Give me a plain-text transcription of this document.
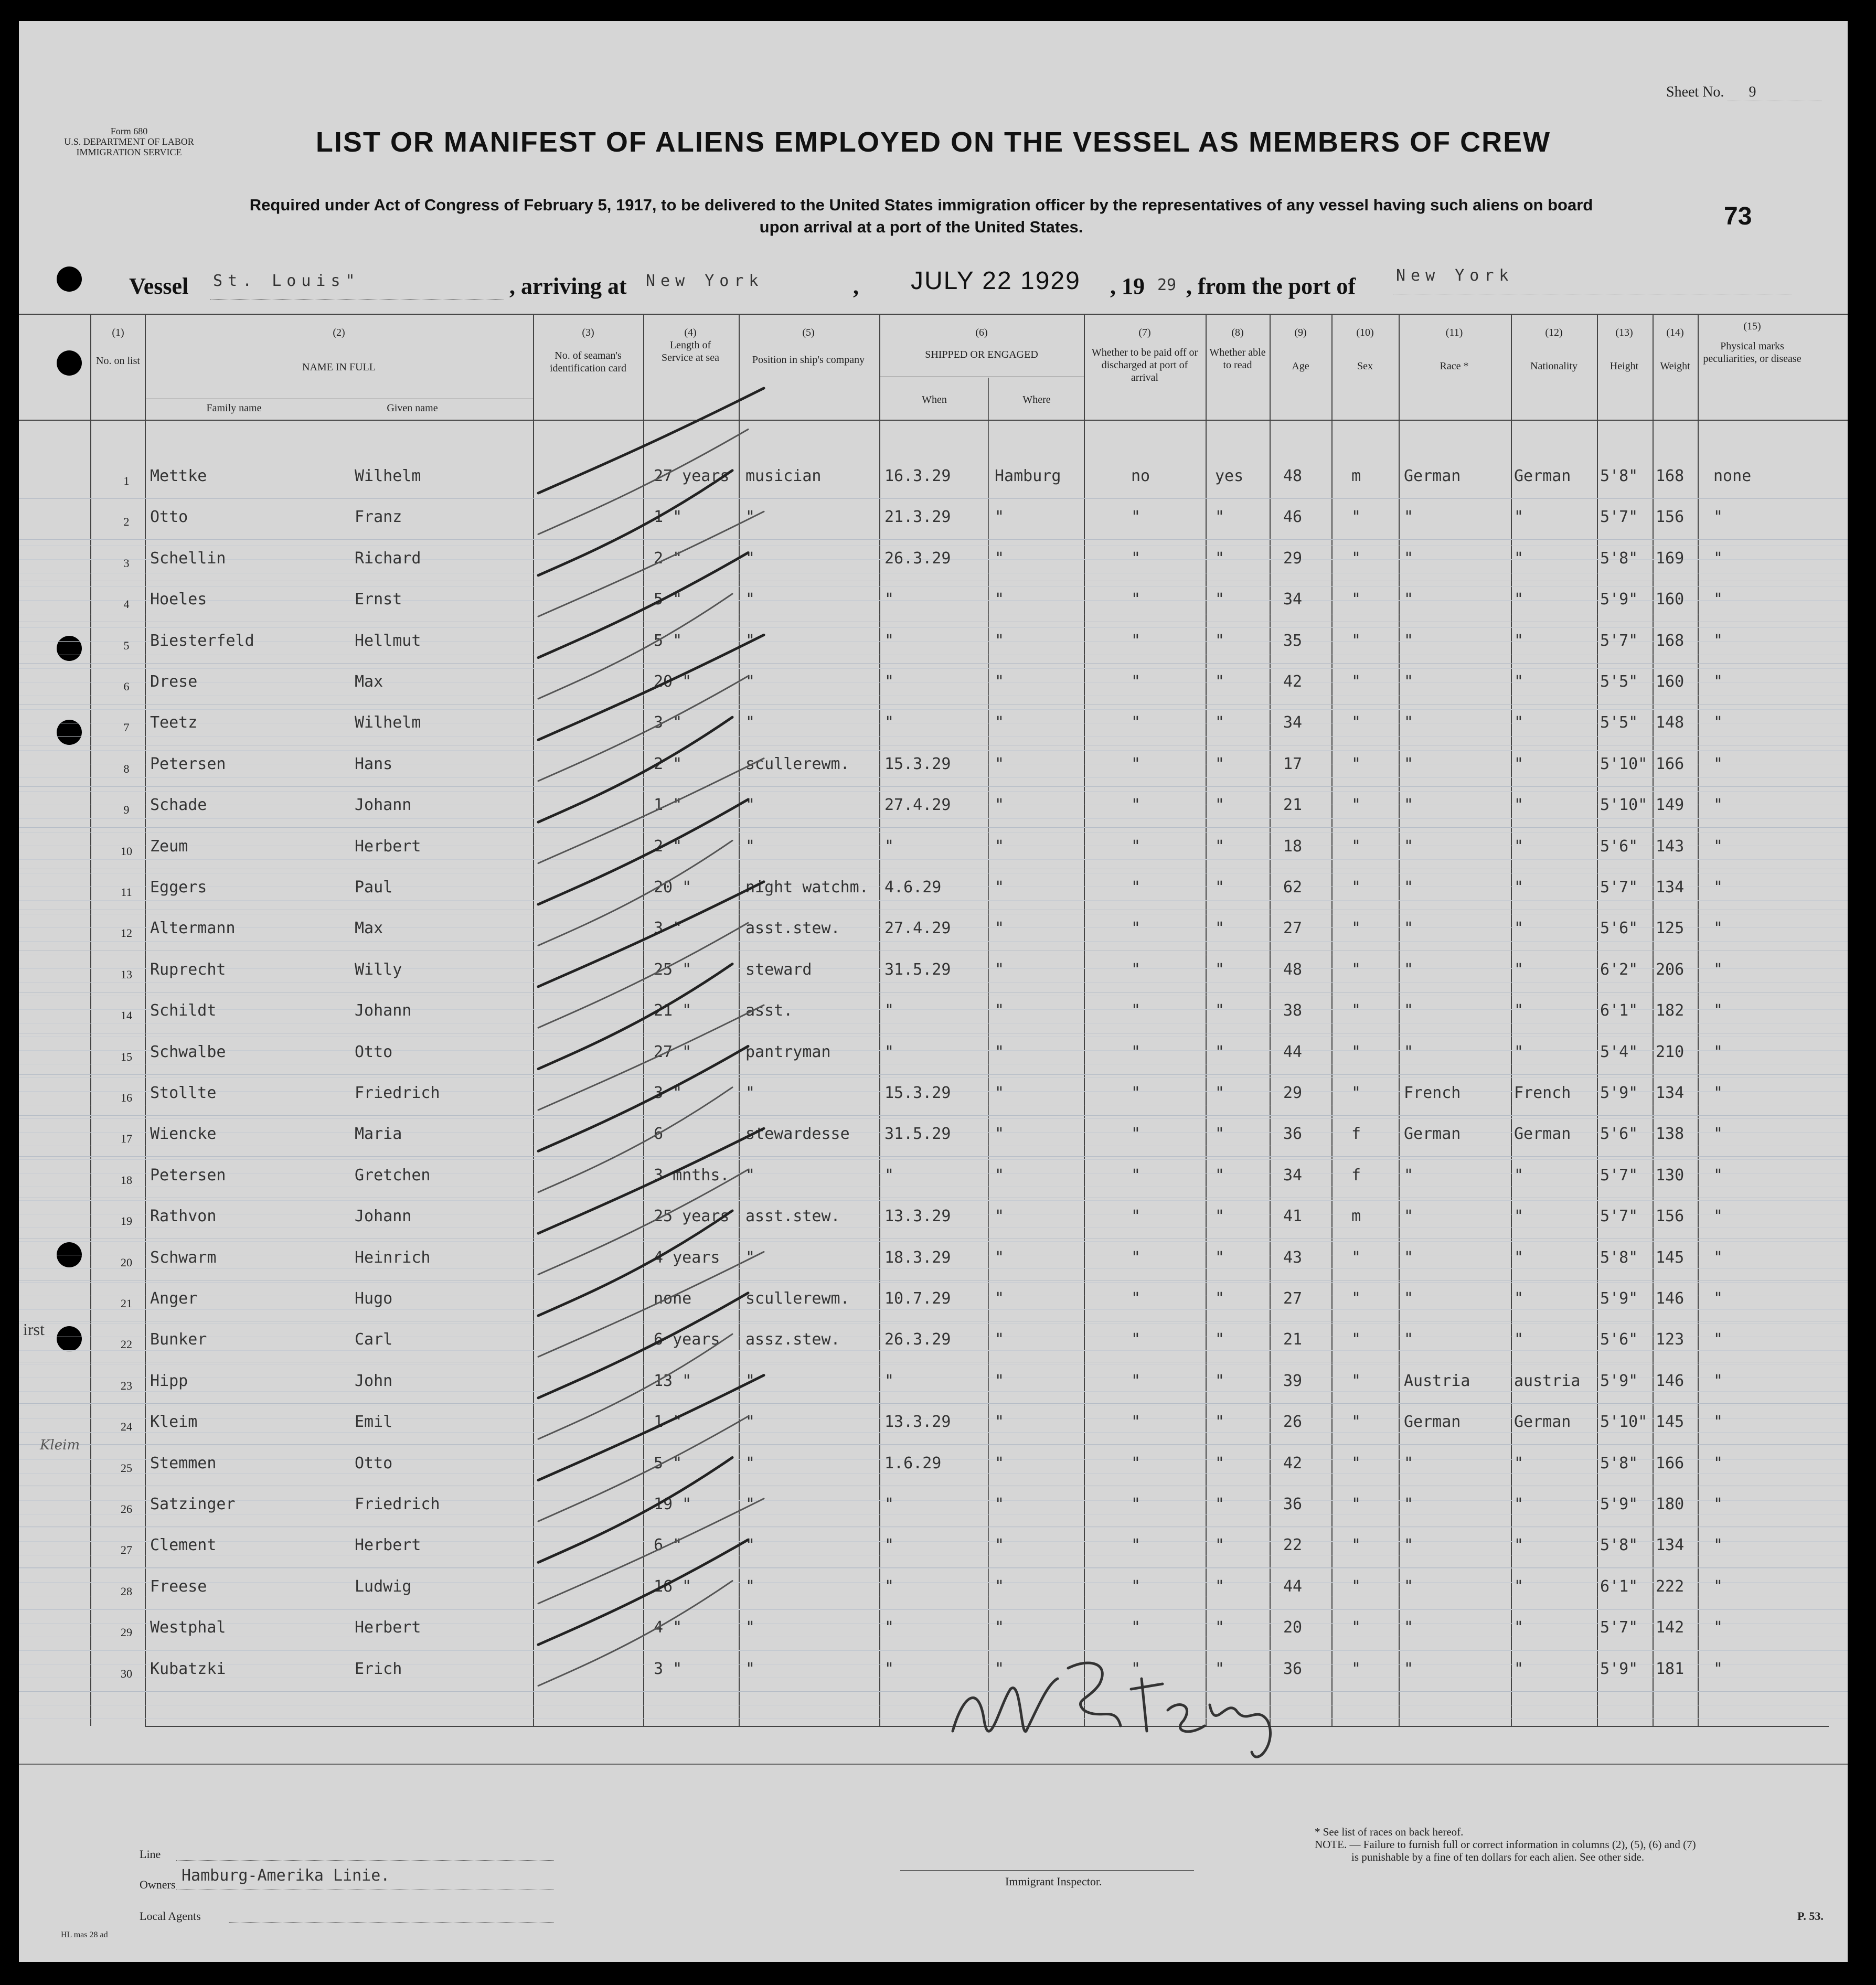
Form 680
U.S. DEPARTMENT OF LABOR
IMMIGRATION SERVICE
Sheet No. 9
73
LIST OR MANIFEST OF ALIENS EMPLOYED ON THE VESSEL AS MEMBERS OF CREW
Required under Act of Congress of February 5, 1917, to be delivered to the United States immigration officer by the representatives of any vessel having such aliens on board
upon arrival at a port of the United States.
Vessel St. Louis"	, arriving at New York	, JULY 22 1929 , 19 29 , from the port of	New York
(1)
No. on list
(2)
NAME IN FULL
Family name	Given name
(3)
No. of seaman's identification card
(4)
Length of Service at sea
(5)
Position in ship's company
(6)
SHIPPED OR ENGAGED
When	Where
(7)
Whether to be paid off or discharged at port of arrival
(8)
Whether able to read
(9)
Age
(10)
Sex
(11)
Race *
(12)
Nationality
(13)
Height
(14)
Weight
(15)
Physical marks peculiarities, or disease
1	Mettke	Wilhelm	27 years musician	16.3.29	Hamburg	no	yes	48	m	German	German 5'8" 168 none
2	Otto	Franz	1 "	"	21.3.29	"	"	"	46	"	"	"	5'7" 156 "
3	Schellin	Richard	2 "	"	26.3.29	"	"	"	29	"	"	"	5'8" 169 "
4	Hoeles	Ernst	5 "	"	"	"	"	"	34	"	"	"	5'9" 160 "
5	Biesterfeld	Hellmut	5 "	"	"	"	"	"	35	"	"	"	5'7" 168 "
6	Drese	Max	20 "	"	"	"	"	"	42	"	"	"	5'5" 160 "
7	Teetz	Wilhelm	3 "	"	"	"	"	"	34	"	"	"	5'5" 148 "
8	Petersen	Hans	2 "	scullerewm. 15.3.29	"	"	"	17	"	"	"	5'10" 166 "
9	Schade	Johann	1 "	"	27.4.29	"	"	"	21	"	"	"	5'10" 149 "
10	Zeum	Herbert	2 "	"	"	"	"	"	18	"	"	"	5'6" 143 "
11	Eggers	Paul	20 "	night watchm. 4.6.29	"	"	"	62	"	"	"	5'7" 134 "
12	Altermann	Max	3 "	asst.stew.	27.4.29	"	"	"	27	"	"	"	5'6" 125 "
13	Ruprecht	Willy	25 "	steward	31.5.29	"	"	"	48	"	"	"	6'2" 206 "
14	Schildt	Johann	21 "	asst.	"	"	"	"	38	"	"	"	6'1" 182 "
15	Schwalbe	Otto	27 "	pantryman	"	"	"	"	44	"	"	"	5'4" 210 "
16	Stollte	Friedrich	3 "	"	15.3.29	"	"	"	29	"	French	French 5'9" 134 "
17	Wiencke	Maria	6	stewardesse 31.5.29	"	"	"	36	f	German	German 5'6" 138 "
18	Petersen	Gretchen	3 mnths. "	"	"	"	"	34	f	"	"	5'7" 130 "
19	Rathvon	Johann	25 years asst.stew.	13.3.29	"	"	"	41	m	"	"	5'7" 156 "
20	Schwarm	Heinrich	4 years "	18.3.29	"	"	"	43	"	"	"	5'8" 145 "
21	Anger	Hugo	none	scullerewm. 10.7.29	"	"	"	27	"	"	"	5'9" 146 "
22	Bunker	Carl	6 years assz.stew.	26.3.29	"	"	"	21	"	"	"	5'6" 123 "
23	Hipp	John	13 "	"	"	"	"	"	39	"	Austria	austria 5'9" 146 "
24	Kleim	Emil	1 "	"	13.3.29	"	"	"	26	"	German	German 5'10" 145 "
25	Stemmen	Otto	5 "	"	1.6.29	"	"	"	42	"	"	"	5'8" 166 "
26	Satzinger	Friedrich	19 "	"	"	"	"	"	36	"	"	"	5'9" 180 "
27	Clement	Herbert	6 "	"	"	"	"	"	22	"	"	"	5'8" 134 "
28	Freese	Ludwig	16 "	"	"	"	"	"	44	"	"	"	6'1" 222 "
29	Westphal	Herbert	4 "	"	"	"	"	"	20	"	"	"	5'7" 142 "
30	Kubatzki	Erich	3 "	"	"	"	"	"	36	"	"	"	5'9" 181 "
irst
Kleim
Line
Owners Hamburg-Amerika Linie.
Local Agents
Immigrant Inspector.
* See list of races on back hereof.
NOTE. — Failure to furnish full or correct information in columns (2), (5), (6) and (7)
is punishable by a fine of ten dollars for each alien. See other side.
P. 53.
HL mas 28 ad
